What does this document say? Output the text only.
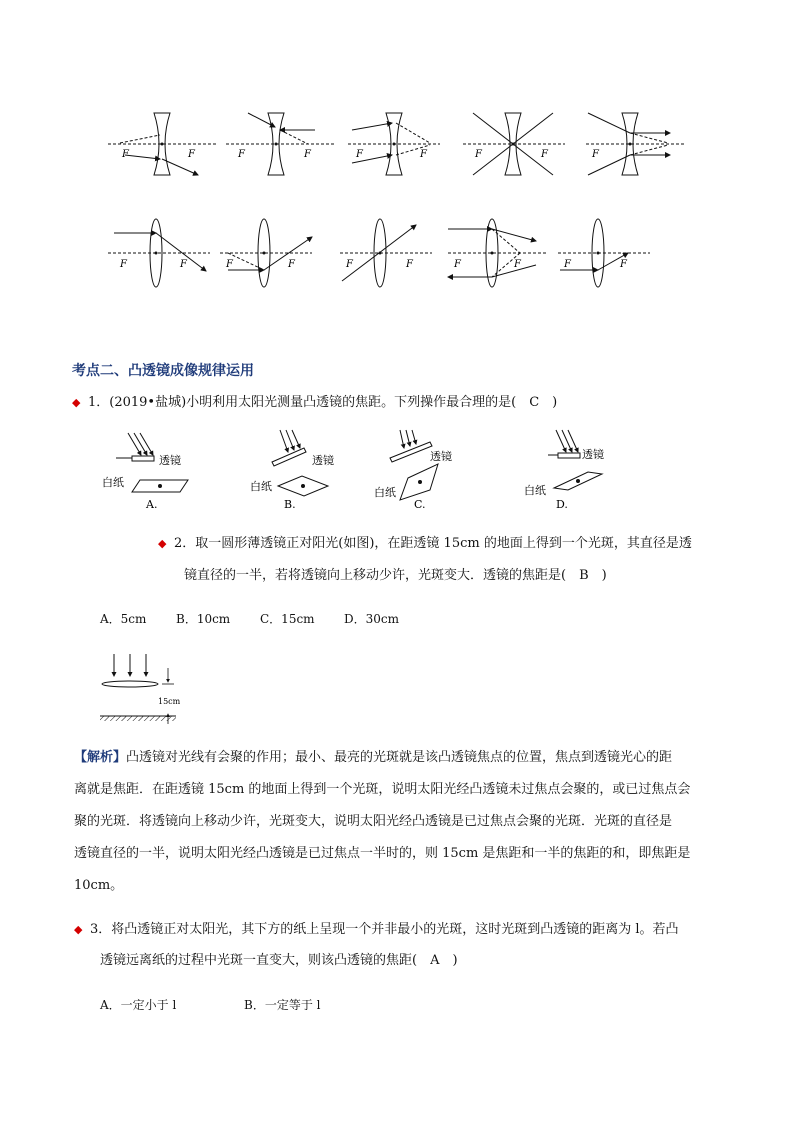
F	F	F	F	F	F	F	F	F
F	F	F	F	F	F	F	F	F	F
考点二、凸透镜成像规律运用
◆ 1．(2019•盐城)小明利用太阳光测量凸透镜的焦距。下列操作最合理的是(　C　)
透镜
白纸
A.
透镜
白纸
B.
透镜
白纸
C.
透镜
白纸
D.
◆ 2．取一圆形薄透镜正对阳光(如图)，在距透镜 15cm 的地面上得到一个光斑，其直径是透
镜直径的一半，若将透镜向上移动少许，光斑变大．透镜的焦距是(　B　)
A．5cm B．10cm C．15cm D．30cm
15cm
【解析】凸透镜对光线有会聚的作用；最小、最亮的光斑就是该凸透镜焦点的位置，焦点到透镜光心的距
离就是焦距．在距透镜 15cm 的地面上得到一个光斑，说明太阳光经凸透镜未过焦点会聚的，或已过焦点会
聚的光斑．将透镜向上移动少许，光斑变大，说明太阳光经凸透镜是已过焦点会聚的光斑．光斑的直径是
透镜直径的一半，说明太阳光经凸透镜是已过焦点一半时的，则 15cm 是焦距和一半的焦距的和，即焦距是
10cm。
◆ 3．将凸透镜正对太阳光，其下方的纸上呈现一个并非最小的光斑，这时光斑到凸透镜的距离为 l。若凸
透镜远离纸的过程中光斑一直变大，则该凸透镜的焦距(　A　)
A．一定小于 l	B．一定等于 l
